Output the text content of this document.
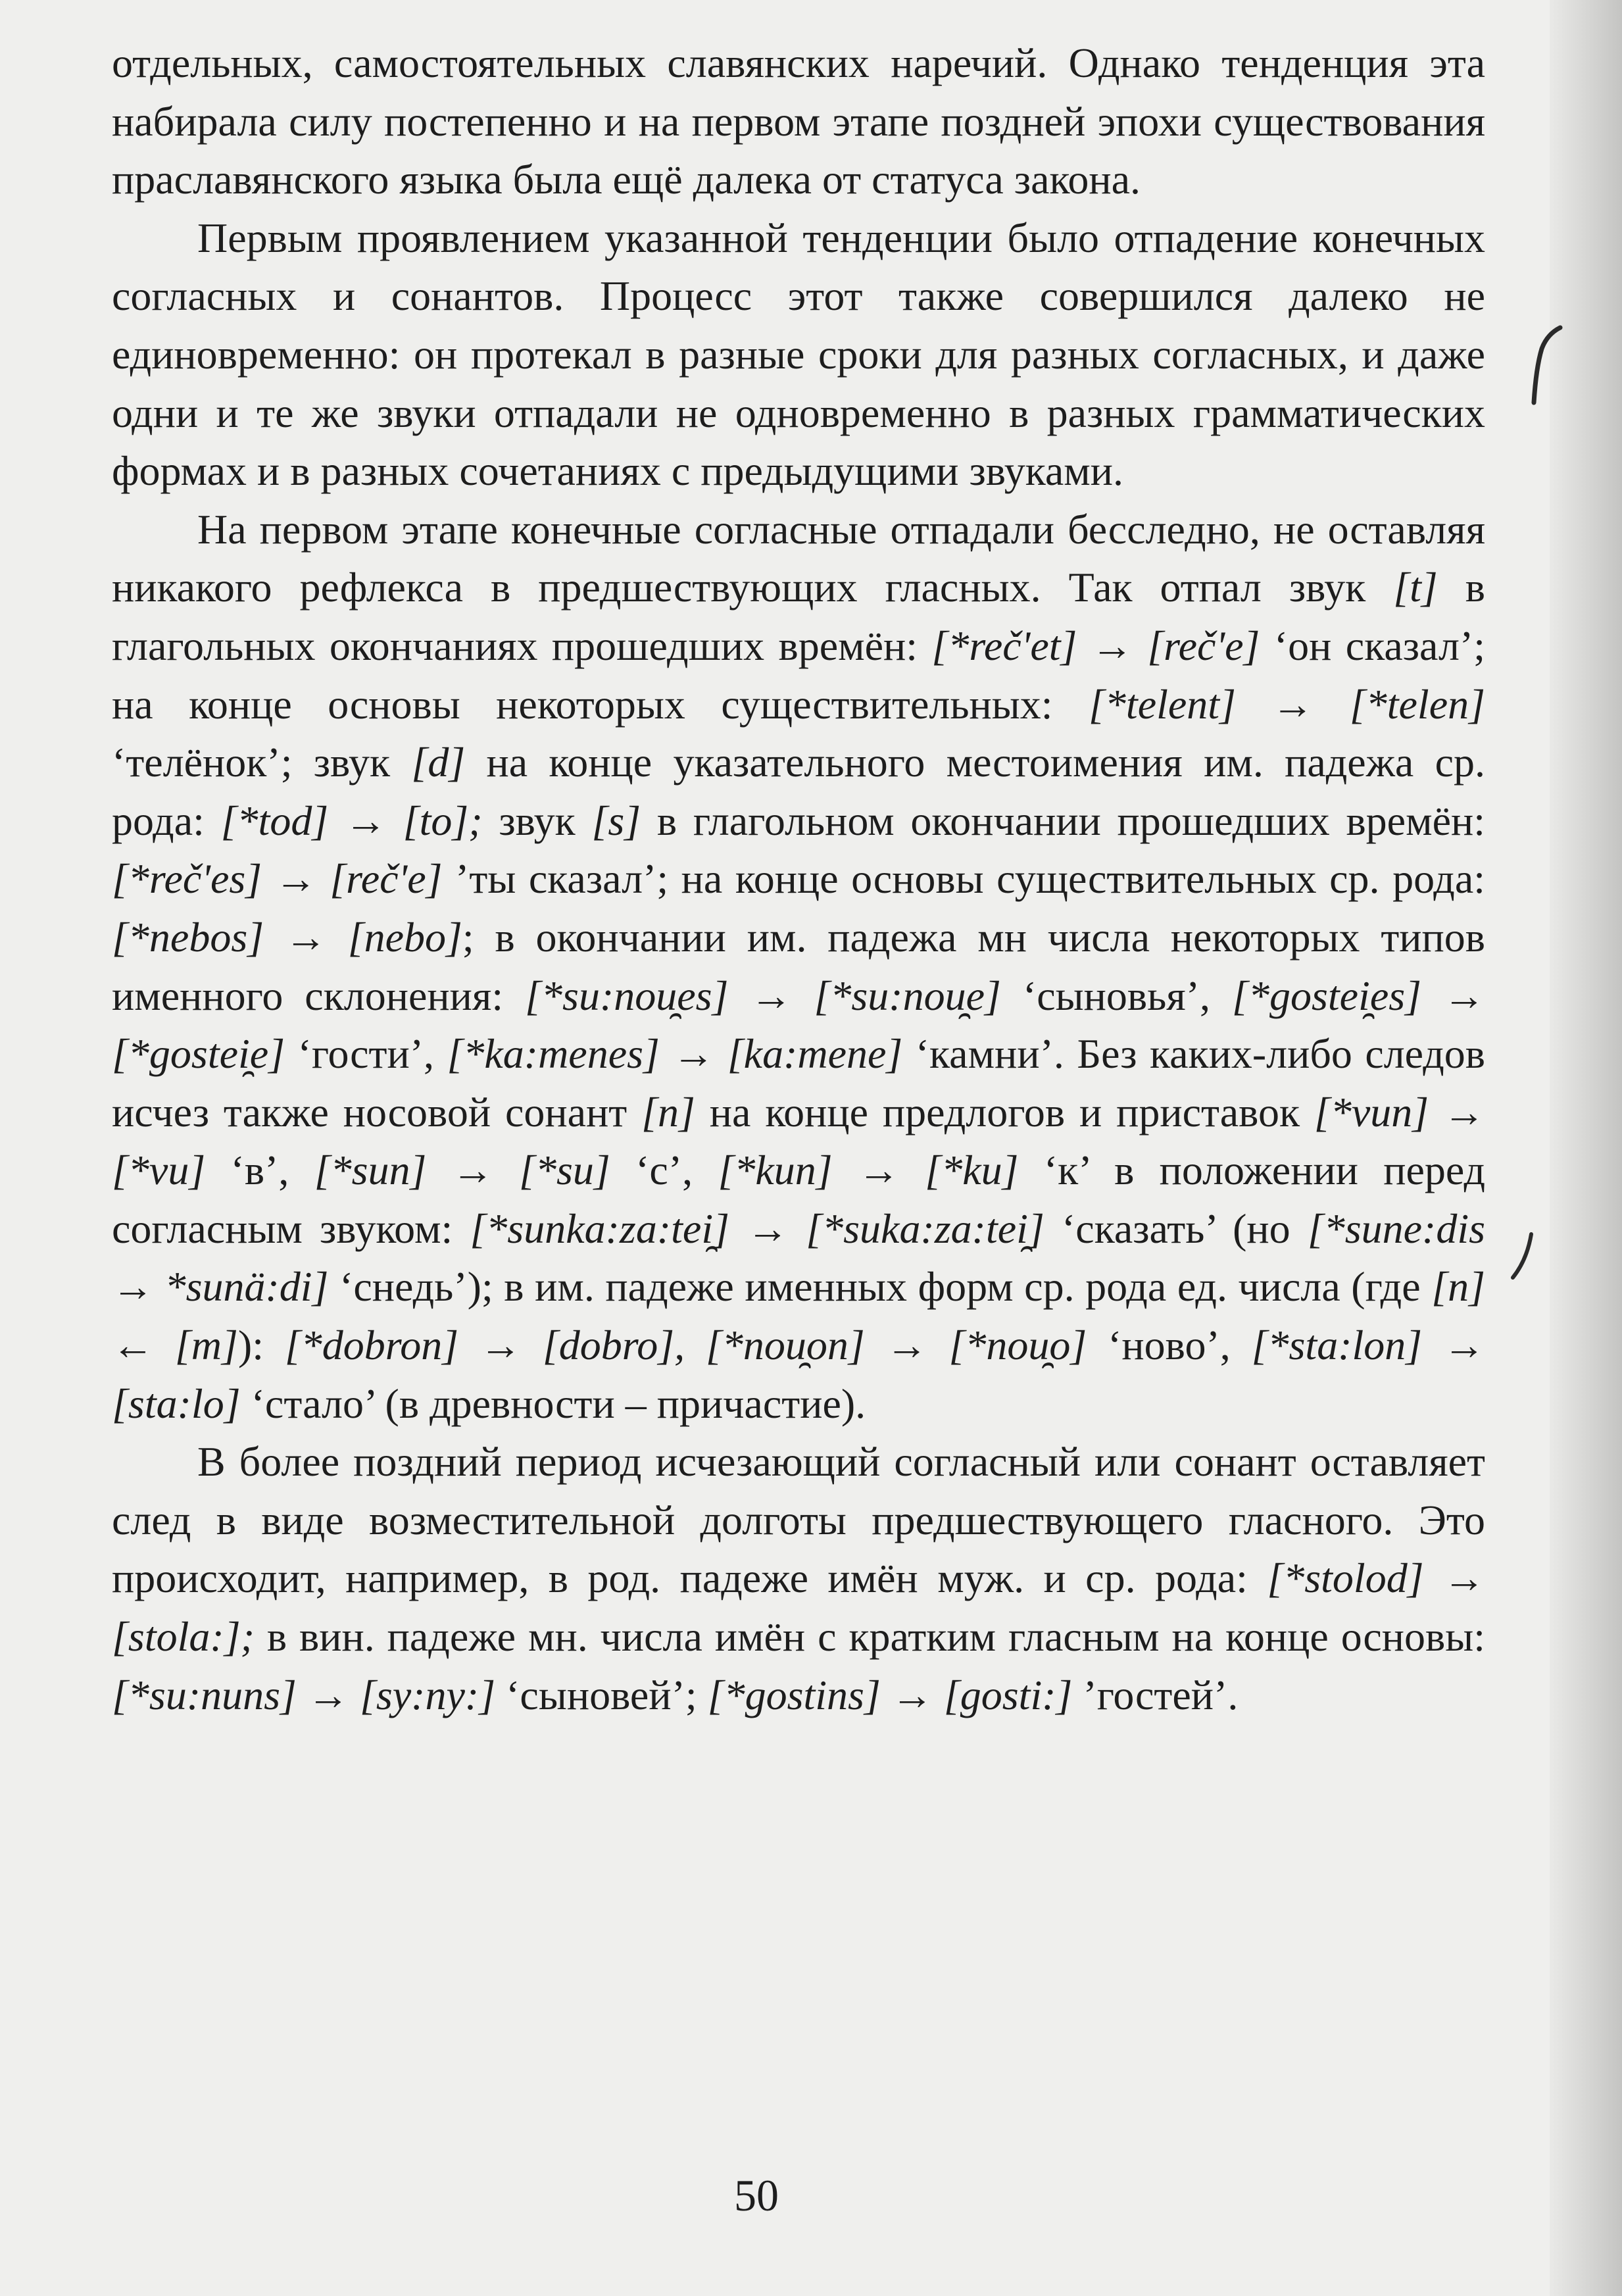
отдельных, самостоятельных славянских наречий. Однако тенденция эта набирала силу постепенно и на первом этапе поздней эпохи существования праславянского языка была ещё далека от статуса закона.

Первым проявлением указанной тенденции было отпадение конечных согласных и сонантов. Процесс этот также совершился далеко не единовременно: он протекал в разные сроки для разных согласных, и даже одни и те же звуки отпадали не одновременно в разных грамматических формах и в разных сочетаниях с предыдущими звуками.

На первом этапе конечные согласные отпадали бесследно, не оставляя никакого рефлекса в предшествующих гласных. Так отпал звук [t] в глагольных окончаниях прошедших времён: [*reč'et] → [reč'e] ‘он сказал’; на конце основы некоторых существительных: [*telent] → [*telen] ‘телёнок’; звук [d] на конце указательного местоимения им. падежа ср. рода: [*tod] → [to]; звук [s] в глагольном окончании прошедших времён: [*reč'es] → [reč'e] ’ты сказал’; на конце основы существительных ср. рода: [*nebos] → [nebo]; в окончании им. падежа мн числа некоторых типов именного склонения: [*su:nou̯es] → [*su:nou̯e] ‘сыновья’, [*gostei̯es] → [*gostei̯e] ‘гости’, [*ka:menes] → [ka:mene] ‘камни’. Без каких-либо следов исчез также носовой сонант [n] на конце предлогов и приставок [*vun] → [*vu] ‘в’, [*sun] → [*su] ‘с’, [*kun] → [*ku] ‘к’ в положении перед согласным звуком: [*sunka:za:tei̯] → [*suka:za:tei̯] ‘сказать’ (но [*sune:dis → *sunä:di] ‘снедь’); в им. падеже именных форм ср. рода ед. числа (где [n] ← [m]): [*dobron] → [dobro], [*nou̯on] → [*nou̯o] ‘ново’, [*sta:lon] → [sta:lo] ‘стало’ (в древности – причастие).

В более поздний период исчезающий согласный или сонант оставляет след в виде возместительной долготы предшествующего гласного. Это происходит, например, в род. падеже имён муж. и ср. рода: [*stolod] → [stola:]; в вин. падеже мн. числа имён с кратким гласным на конце основы: [*su:nuns] → [sy:ny:] ‘сыновей’; [*gostins] → [gosti:] ’гостей’.

50
